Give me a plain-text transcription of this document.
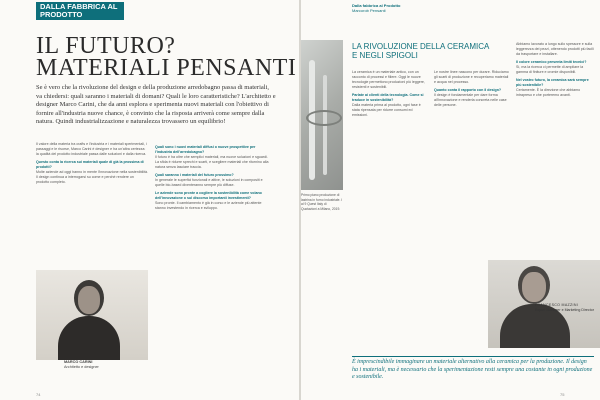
DALLA FABBRICA AL PRODOTTO
IL FUTURO?
MATERIALI PENSANTI
Se è vero che la rivoluzione del design e della produzione arredobagno passa di materiali, va chiedersi: quali saranno i materiali di domani? Quali le loro caratteristiche? L'architetto e designer Marco Carini, che da anni esplora e sperimenta nuovi materiali con l'obiettivo di fornire all'industria nuove chance, è convinto che la risposta arriverà come sempre dalla natura. Quindi industrializzazione e naturalezza trovassero un equilibrio!
Il valore della materia tra crafts e l'industria e i materiali sperimentali, i passaggi e le risorse, Marco Carini è designer e ha un'altra certezza: la qualità del prodotto industriale passa dalle soluzioni e dalla ricerca.
Questo conta la ricerca sui materiali quale di già la prossima di prodotti?
Molte aziende ad oggi hanno in mente l'innovazione nella sostenibilità. Il design continua a interrogarsi su come e perché rendere un prodotto completo.
Quali sono i nuovi materiali diffusi o nuove prospettive per l'industria dell'arredobagno?
Il futuro è ha oltre che semplici materiali, ma nuove soluzioni e sguardi. La sfida è ridurre sprechi e scarti, e scegliere materiali che ritornino alla natura senza lasciare traccia.
Quali saranno i materiali del futuro prossimo?
In generale le superfici funzionali e attive, le soluzioni in compositi e quelle bio-based diventeranno sempre più diffuse.
Le aziende sono pronte a cogliere la sostenibilità come volano dell'innovazione o sul discorso importanti investimenti?
Sono pronte. Il cambiamento è già in corso e le aziende più attente stanno investendo in ricerca e sviluppo.
MARCO CARINI
Architetto e designer
74
Dalla fabbrica al Prodotto
Marcorob Pensanti
Primo piano produzione di lastrina in forno industriale. I al 9 Quest Italy di Quotazioni a Milano, 2019.
LA RIVOLUZIONE DELLA CERAMICA
E NEGLI SPIGOLI
La ceramica è un materiale antico, con un racconto di processi e filiere. Oggi le nuove tecnologie permettono produzioni più leggere, resistenti e sostenibili.
Parlate ai clienti della tecnologia. Come si traduce in sostenibilità?
Dalla materia prima al prodotto, ogni fase è stata ripensata per ridurre consumi ed emissioni.
Le nostre linee nascono per durare. Riduciamo gli scarti di produzione e recuperiamo materiali e acqua nel processo.
Quanto conta il rapporto con il design?
Il design è fondamentale per dare forma all'innovazione e renderla concreta nelle case delle persone.
Abbiamo lavorato a lungo sullo spessore e sulla leggerezza dei pezzi, ottenendo prodotti più facili da trasportare e installare.
Il colore ceramico presenta limiti tecnici?
Sì, ma la ricerca ci permette di ampliare la gamma di finiture e cromie disponibili.
Nel vostro futuro, la ceramica sarà sempre più sostenibile?
Certamente. È la direzione che abbiamo intrapreso e che porteremo avanti.
FRANCESCO MAZZINI
Export Manager e Marketing Director
È imprescindibile immaginare un materiale alternativo alla ceramica per la produzione. Il design ha i materiali, ma è necessario che la sperimentazione resti sempre una costante in ogni produzione e sostenibile.
75
